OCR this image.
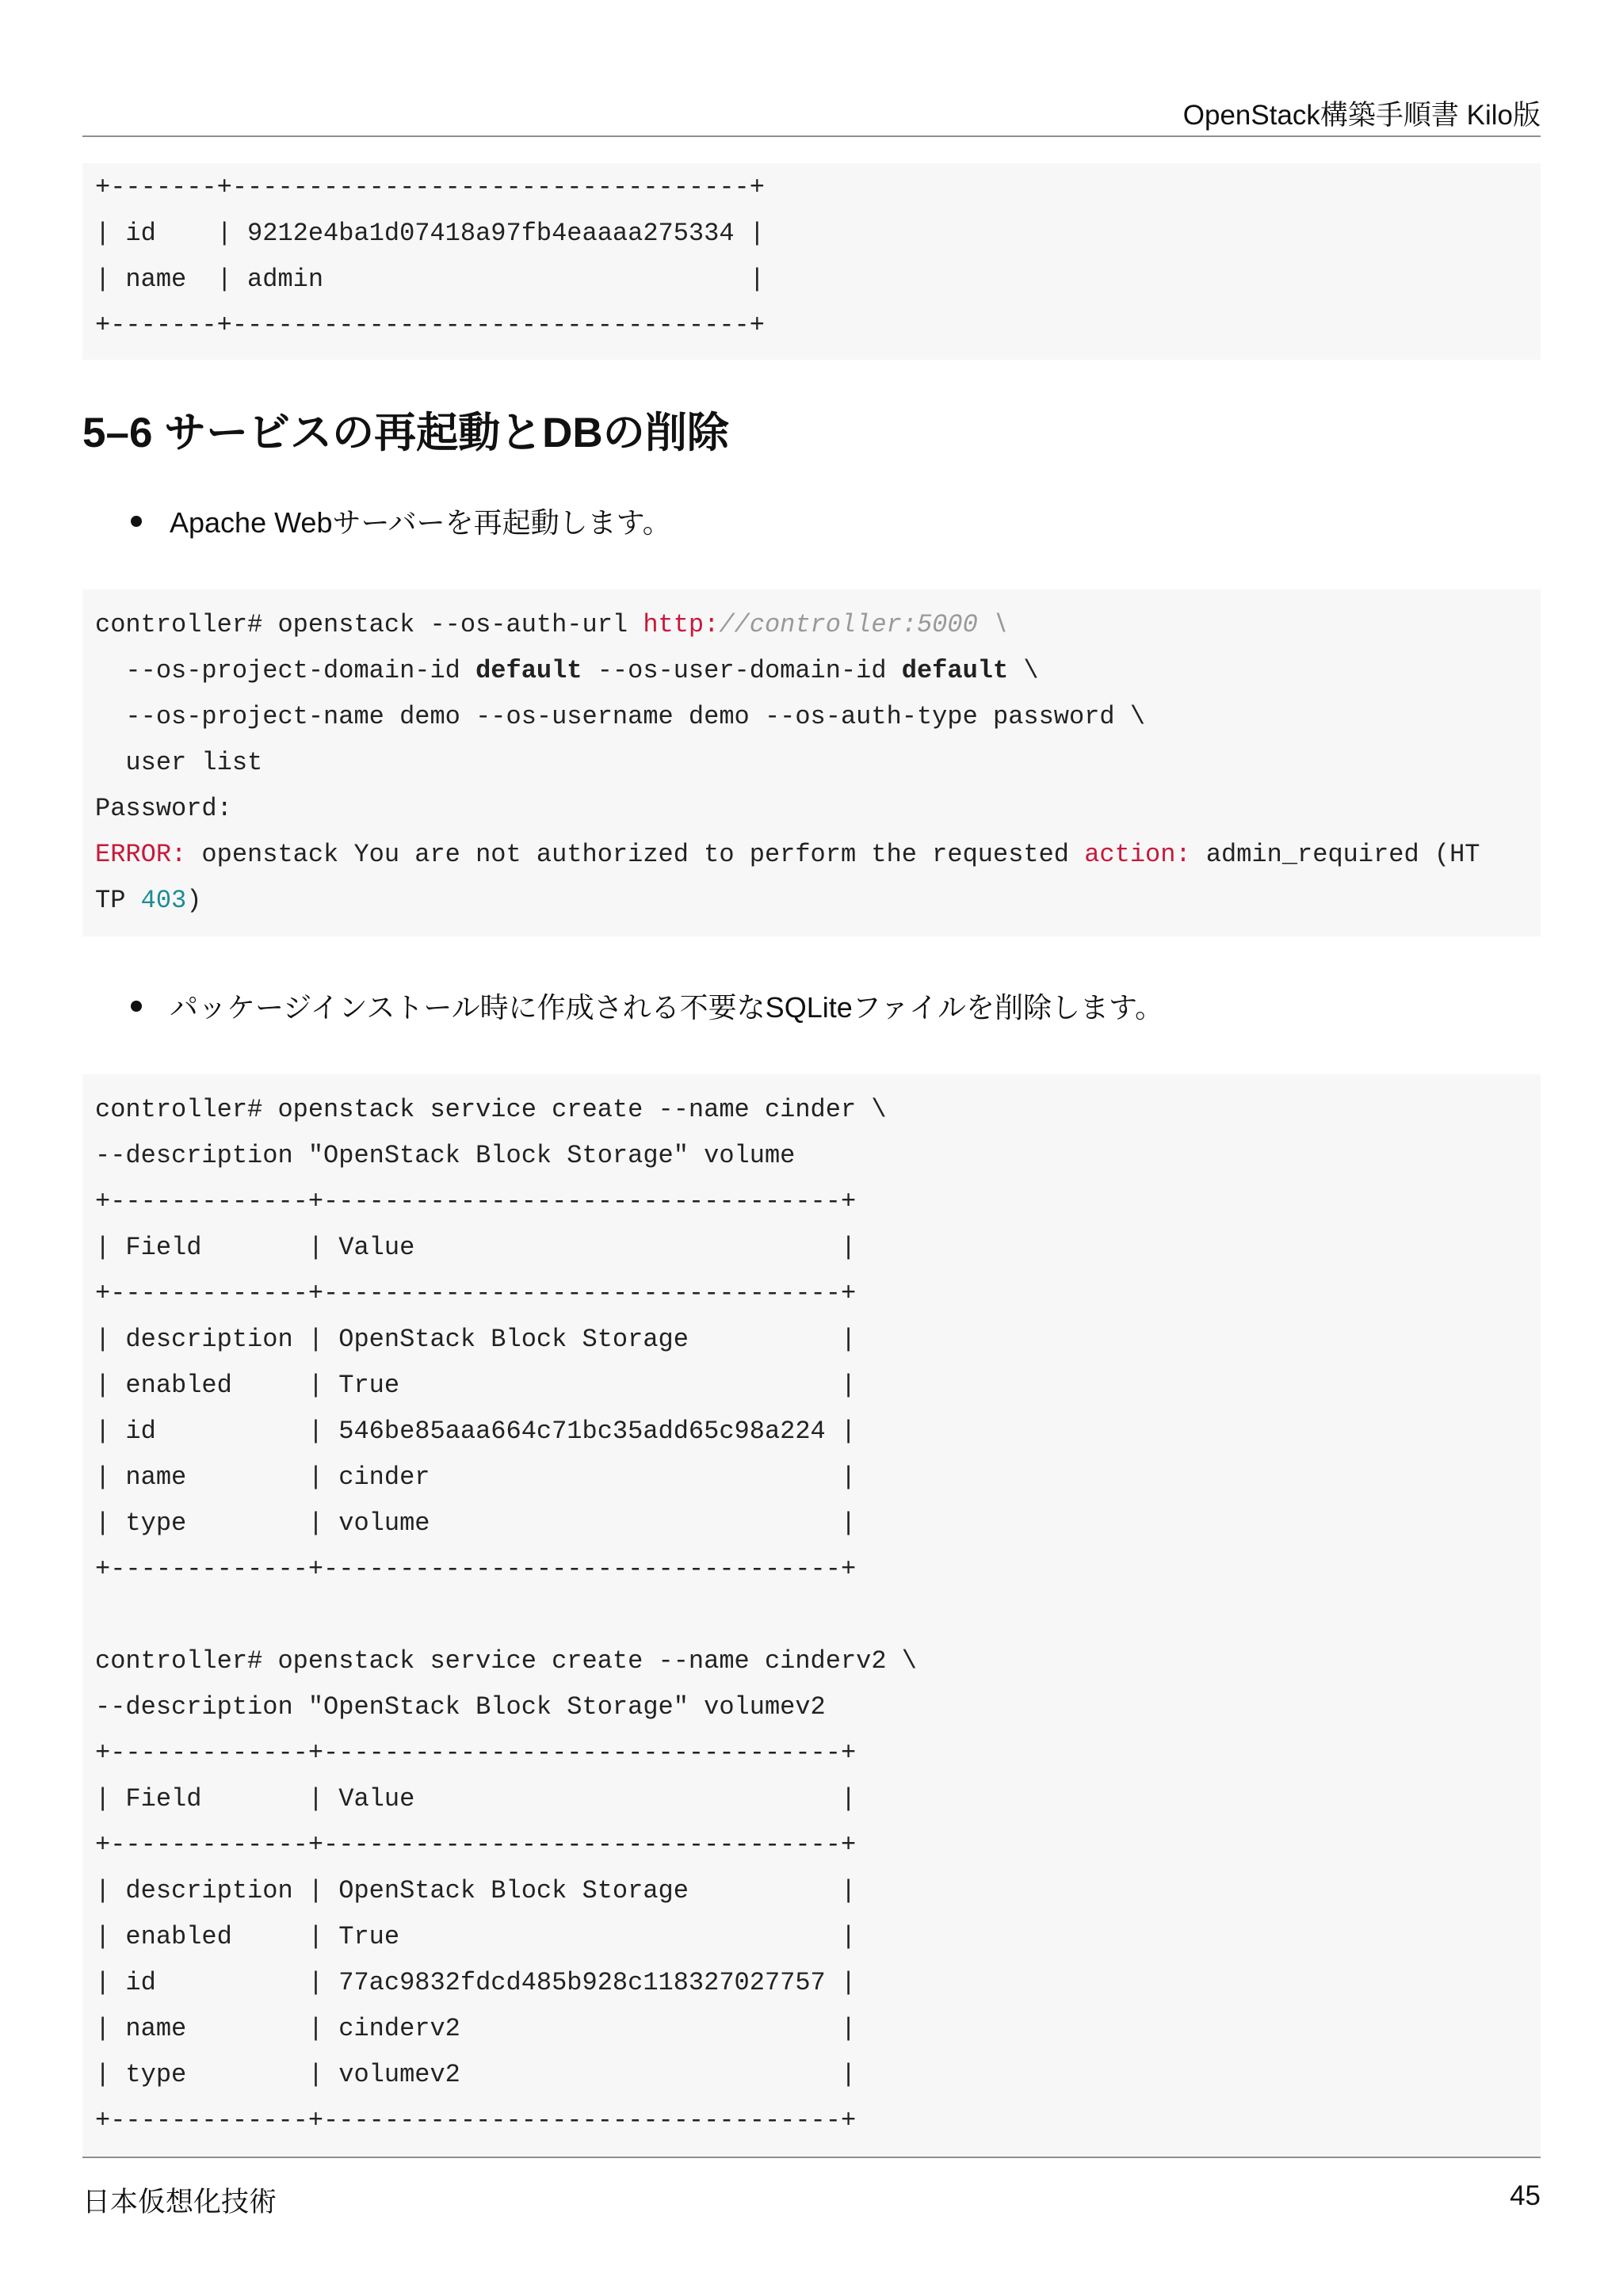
OpenStack構築手順書 Kilo版
+-------+----------------------------------+
| id    | 9212e4ba1d07418a97fb4eaaaa275334 |
| name  | admin                            |
+-------+----------------------------------+
5–6 サービスの再起動とDBの削除
Apache Webサーバーを再起動します。
controller# openstack --os-auth-url http://controller:5000 \
--os-project-domain-id default --os-user-domain-id default \
--os-project-name demo --os-username demo --os-auth-type password \
user list
Password:
ERROR: openstack You are not authorized to perform the requested action: admin_required (HT
TP 403)
パッケージインストール時に作成される不要なSQLiteファイルを削除します。
controller# openstack service create --name cinder \
--description "OpenStack Block Storage" volume
+-------------+----------------------------------+
| Field       | Value                            |
+-------------+----------------------------------+
| description | OpenStack Block Storage          |
| enabled     | True                             |
| id          | 546be85aaa664c71bc35add65c98a224 |
| name        | cinder                           |
| type        | volume                           |
+-------------+----------------------------------+
controller# openstack service create --name cinderv2 \
--description "OpenStack Block Storage" volumev2
+-------------+----------------------------------+
| Field       | Value                            |
+-------------+----------------------------------+
| description | OpenStack Block Storage          |
| enabled     | True                             |
| id          | 77ac9832fdcd485b928c118327027757 |
| name        | cinderv2                         |
| type        | volumev2                         |
+-------------+----------------------------------+
日本仮想化技術	45
